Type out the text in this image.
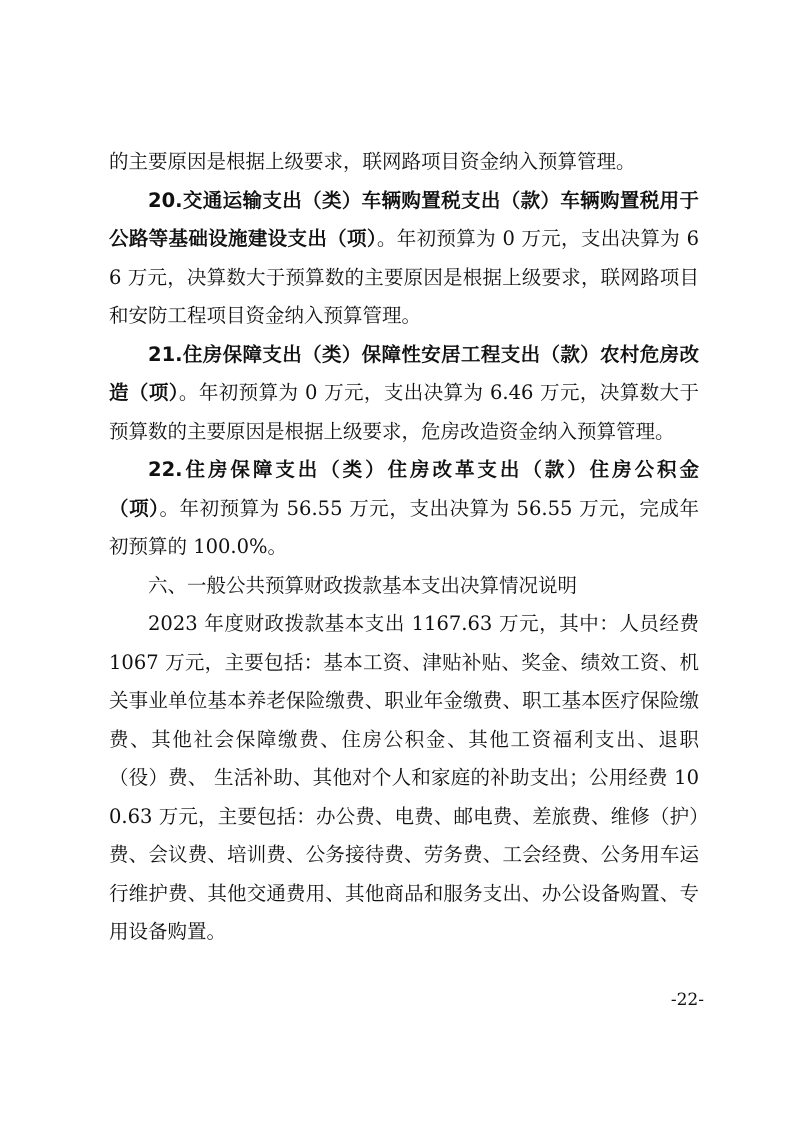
的主要原因是根据上级要求，联网路项目资金纳入预算管理。

20.交通运输支出（类）车辆购置税支出（款）车辆购置税用于公路等基础设施建设支出（项）。年初预算为 0 万元，支出决算为 66 万元，决算数大于预算数的主要原因是根据上级要求，联网路项目和安防工程项目资金纳入预算管理。

21.住房保障支出（类）保障性安居工程支出（款）农村危房改造（项）。年初预算为 0 万元，支出决算为 6.46 万元，决算数大于预算数的主要原因是根据上级要求，危房改造资金纳入预算管理。

22.住房保障支出（类）住房改革支出（款）住房公积金（项）。年初预算为 56.55 万元，支出决算为 56.55 万元，完成年初预算的 100.0%。

六、一般公共预算财政拨款基本支出决算情况说明

2023 年度财政拨款基本支出 1167.63 万元，其中：人员经费 1067 万元，主要包括：基本工资、津贴补贴、奖金、绩效工资、机关事业单位基本养老保险缴费、职业年金缴费、职工基本医疗保险缴费、其他社会保障缴费、住房公积金、其他工资福利支出、退职（役）费、 生活补助、其他对个人和家庭的补助支出；公用经费 100.63 万元，主要包括：办公费、电费、邮电费、差旅费、维修（护）费、会议费、培训费、公务接待费、劳务费、工会经费、公务用车运行维护费、其他交通费用、其他商品和服务支出、办公设备购置、专用设备购置。

-22-
